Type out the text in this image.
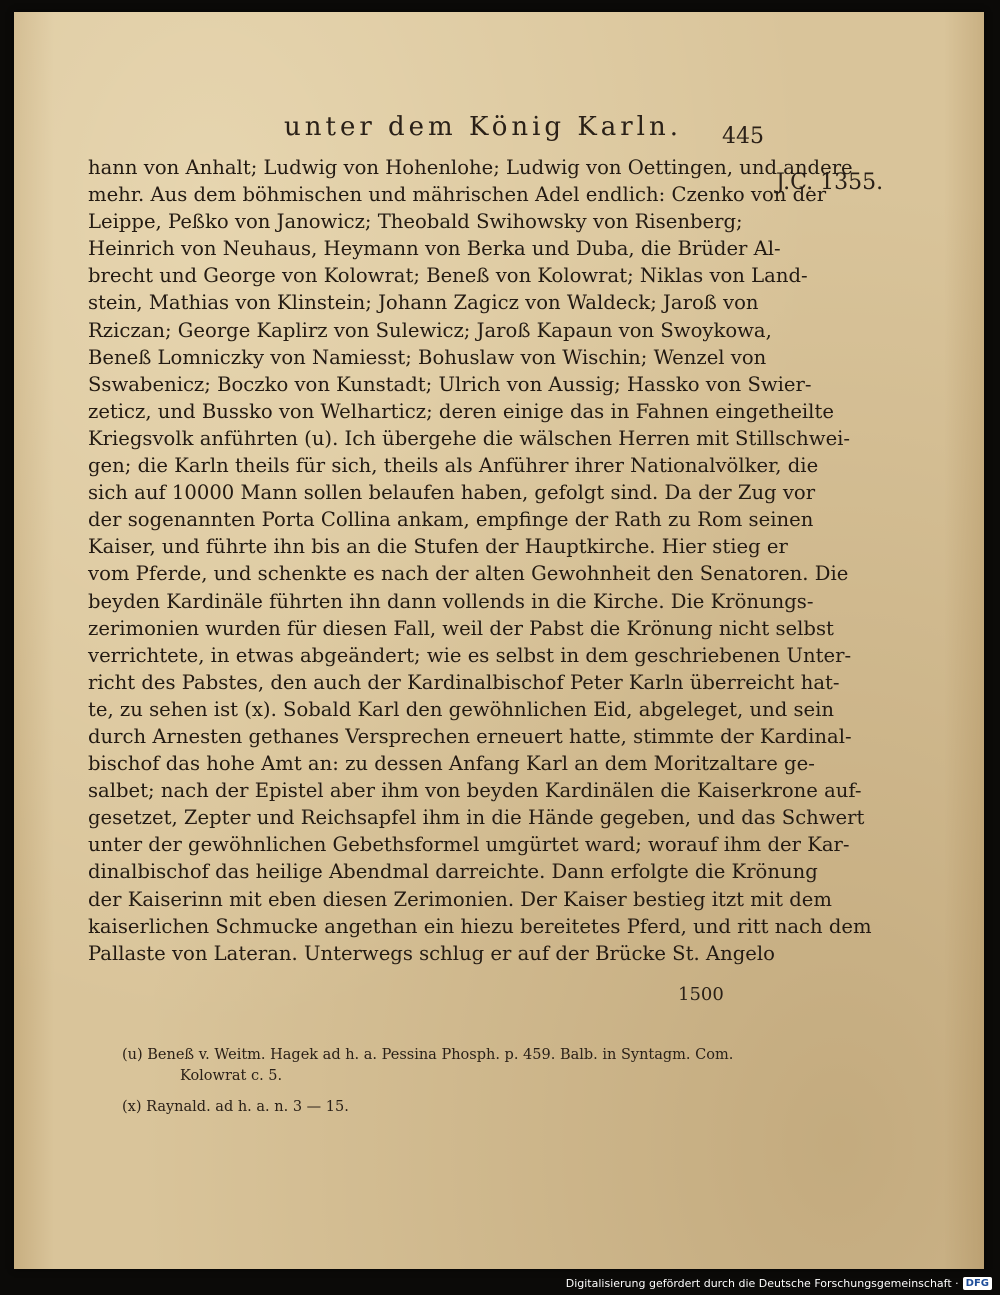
unter dem König Karln. 445
J.C. 1355.
hann von Anhalt; Ludwig von Hohenlohe; Ludwig von Oettingen, und andere
mehr. Aus dem böhmischen und mährischen Adel endlich: Czenko von der
Leippe, Peßko von Janowicz; Theobald Swihowsky von Risenberg;
Heinrich von Neuhaus, Heymann von Berka und Duba, die Brüder Al-
brecht und George von Kolowrat; Beneß von Kolowrat; Niklas von Land-
stein, Mathias von Klinstein; Johann Zagicz von Waldeck; Jaroß von
Rziczan; George Kaplirz von Sulewicz; Jaroß Kapaun von Swoykowa,
Beneß Lomniczky von Namiesst; Bohuslaw von Wischin; Wenzel von
Sswabenicz; Boczko von Kunstadt; Ulrich von Aussig; Hassko von Swier-
zeticz, und Bussko von Welharticz; deren einige das in Fahnen eingetheilte
Kriegsvolk anführten (u). Ich übergehe die wälschen Herren mit Stillschwei-
gen; die Karln theils für sich, theils als Anführer ihrer Nationalvölker, die
sich auf 10000 Mann sollen belaufen haben, gefolgt sind. Da der Zug vor
der sogenannten Porta Collina ankam, empfinge der Rath zu Rom seinen
Kaiser, und führte ihn bis an die Stufen der Hauptkirche. Hier stieg er
vom Pferde, und schenkte es nach der alten Gewohnheit den Senatoren. Die
beyden Kardinäle führten ihn dann vollends in die Kirche. Die Krönungs-
zerimonien wurden für diesen Fall, weil der Pabst die Krönung nicht selbst
verrichtete, in etwas abgeändert; wie es selbst in dem geschriebenen Unter-
richt des Pabstes, den auch der Kardinalbischof Peter Karln überreicht hat-
te, zu sehen ist (x). Sobald Karl den gewöhnlichen Eid, abgeleget, und sein
durch Arnesten gethanes Versprechen erneuert hatte, stimmte der Kardinal-
bischof das hohe Amt an: zu dessen Anfang Karl an dem Moritzaltare ge-
salbet; nach der Epistel aber ihm von beyden Kardinälen die Kaiserkrone auf-
gesetzet, Zepter und Reichsapfel ihm in die Hände gegeben, und das Schwert
unter der gewöhnlichen Gebethsformel umgürtet ward; worauf ihm der Kar-
dinalbischof das heilige Abendmal darreichte. Dann erfolgte die Krönung
der Kaiserinn mit eben diesen Zerimonien. Der Kaiser bestieg itzt mit dem
kaiserlichen Schmucke angethan ein hiezu bereitetes Pferd, und ritt nach dem
Pallaste von Lateran. Unterwegs schlug er auf der Brücke St. Angelo
1500
(u) Beneß v. Weitm. Hagek ad h. a. Pessina Phosph. p. 459. Balb. in Syntagm. Com.
Kolowrat c. 5.
(x) Raynald. ad h. a. n. 3 — 15.
Digitalisierung gefördert durch die Deutsche Forschungsgemeinschaft · DFG
